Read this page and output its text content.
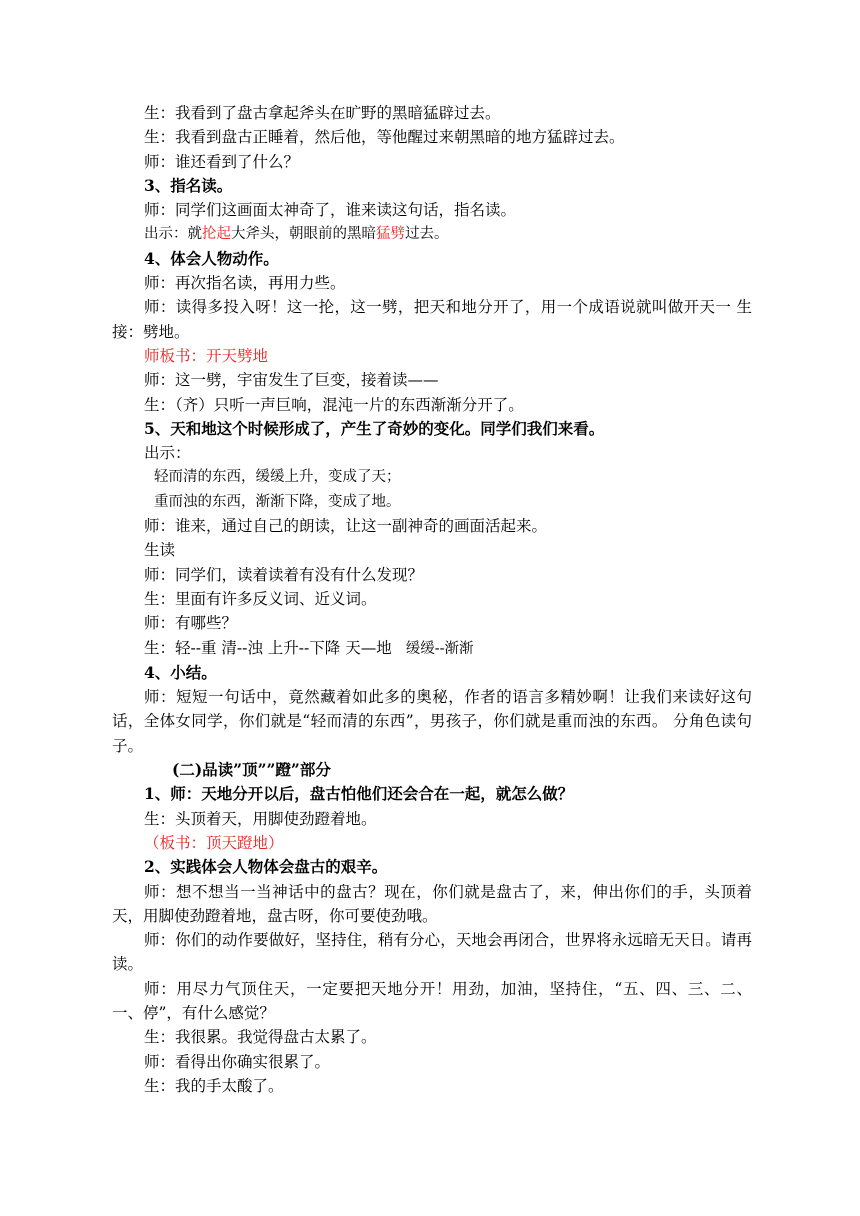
生：我看到了盘古拿起斧头在旷野的黑暗猛辟过去。

生：我看到盘古正睡着，然后他，等他醒过来朝黑暗的地方猛辟过去。

师：谁还看到了什么？

3、指名读。

师：同学们这画面太神奇了，谁来读这句话，指名读。

出示：就抡起大斧头，朝眼前的黑暗猛劈过去。

4、体会人物动作。

师：再次指名读，再用力些。

师：读得多投入呀！这一抡，这一劈，把天和地分开了，用一个成语说就叫做开天一 生接：劈地。

师板书：开天劈地

师：这一劈，宇宙发生了巨变，接着读——

生：（齐）只听一声巨响，混沌一片的东西渐渐分开了。

5、天和地这个时候形成了，产生了奇妙的变化。同学们我们来看。

出示：

轻而清的东西，缓缓上升，变成了天；

重而浊的东西，渐渐下降，变成了地。

师：谁来，通过自己的朗读，让这一副神奇的画面活起来。

生读

师：同学们，读着读着有没有什么发现？

生：里面有许多反义词、近义词。

师：有哪些？

生：轻--重 清--浊 上升--下降 天—地 缓缓--渐渐

4、小结。

师：短短一句话中，竟然藏着如此多的奥秘，作者的语言多精妙啊！让我们来读好这句话，全体女同学，你们就是“轻而清的东西”，男孩子，你们就是重而浊的东西。 分角色读句子。

(二)品读”顶””蹬”部分

1、师：天地分开以后，盘古怕他们还会合在一起，就怎么做？

生：头顶着天，用脚使劲蹬着地。

（板书：顶天蹬地）

2、实践体会人物体会盘古的艰辛。

师：想不想当一当神话中的盘古？现在，你们就是盘古了，来，伸出你们的手，头顶着天，用脚使劲蹬着地，盘古呀，你可要使劲哦。

师：你们的动作要做好，坚持住，稍有分心，天地会再闭合，世界将永远暗无天日。请再读。

师：用尽力气顶住天，一定要把天地分开！用劲，加油，坚持住，“五、四、三、二、一、停”，有什么感觉？

生：我很累。我觉得盘古太累了。

师：看得出你确实很累了。

生：我的手太酸了。
